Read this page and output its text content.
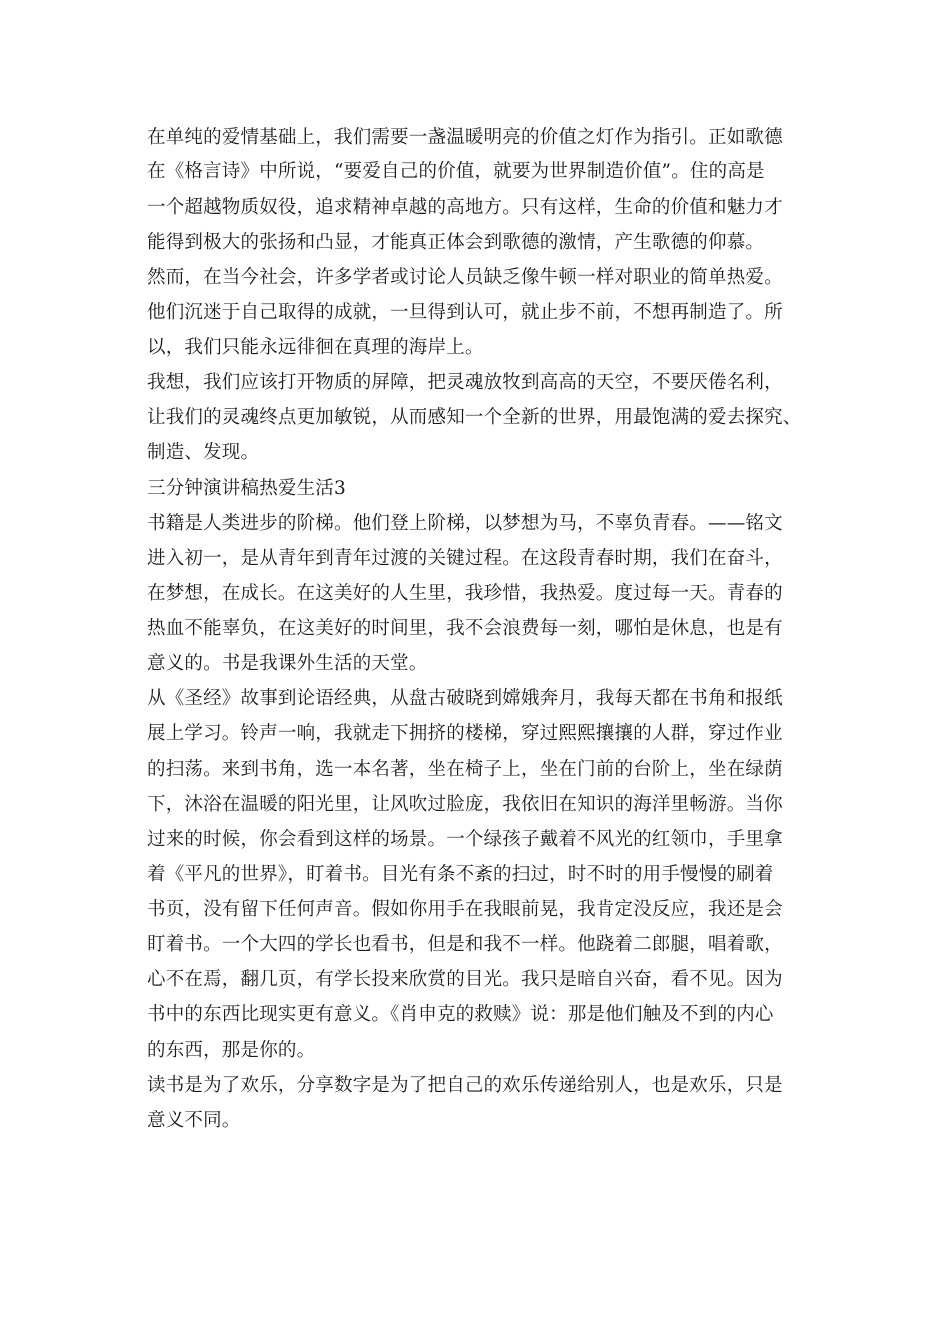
在单纯的爱情基础上，我们需要一盏温暖明亮的价值之灯作为指引。正如歌德
在《格言诗》中所说，“要爱自己的价值，就要为世界制造价值”。住的高是
一个超越物质奴役，追求精神卓越的高地方。只有这样，生命的价值和魅力才
能得到极大的张扬和凸显，才能真正体会到歌德的激情，产生歌德的仰慕。
然而，在当今社会，许多学者或讨论人员缺乏像牛顿一样对职业的简单热爱。
他们沉迷于自己取得的成就，一旦得到认可，就止步不前，不想再制造了。所
以，我们只能永远徘徊在真理的海岸上。
我想，我们应该打开物质的屏障，把灵魂放牧到高高的天空，不要厌倦名利，
让我们的灵魂终点更加敏锐，从而感知一个全新的世界，用最饱满的爱去探究、
制造、发现。
三分钟演讲稿热爱生活3
书籍是人类进步的阶梯。他们登上阶梯，以梦想为马，不辜负青春。——铭文
进入初一，是从青年到青年过渡的关键过程。在这段青春时期，我们在奋斗，
在梦想，在成长。在这美好的人生里，我珍惜，我热爱。度过每一天。青春的
热血不能辜负，在这美好的时间里，我不会浪费每一刻，哪怕是休息，也是有
意义的。书是我课外生活的天堂。
从《圣经》故事到论语经典，从盘古破晓到嫦娥奔月，我每天都在书角和报纸
展上学习。铃声一响，我就走下拥挤的楼梯，穿过熙熙攘攘的人群，穿过作业
的扫荡。来到书角，选一本名著，坐在椅子上，坐在门前的台阶上，坐在绿荫
下，沐浴在温暖的阳光里，让风吹过脸庞，我依旧在知识的海洋里畅游。当你
过来的时候，你会看到这样的场景。一个绿孩子戴着不风光的红领巾，手里拿
着《平凡的世界》，盯着书。目光有条不紊的扫过，时不时的用手慢慢的刷着
书页，没有留下任何声音。假如你用手在我眼前晃，我肯定没反应，我还是会
盯着书。一个大四的学长也看书，但是和我不一样。他跷着二郎腿，唱着歌，
心不在焉，翻几页，有学长投来欣赏的目光。我只是暗自兴奋，看不见。因为
书中的东西比现实更有意义。《肖申克的救赎》说：那是他们触及不到的内心
的东西，那是你的。
读书是为了欢乐，分享数字是为了把自己的欢乐传递给别人，也是欢乐，只是
意义不同。
